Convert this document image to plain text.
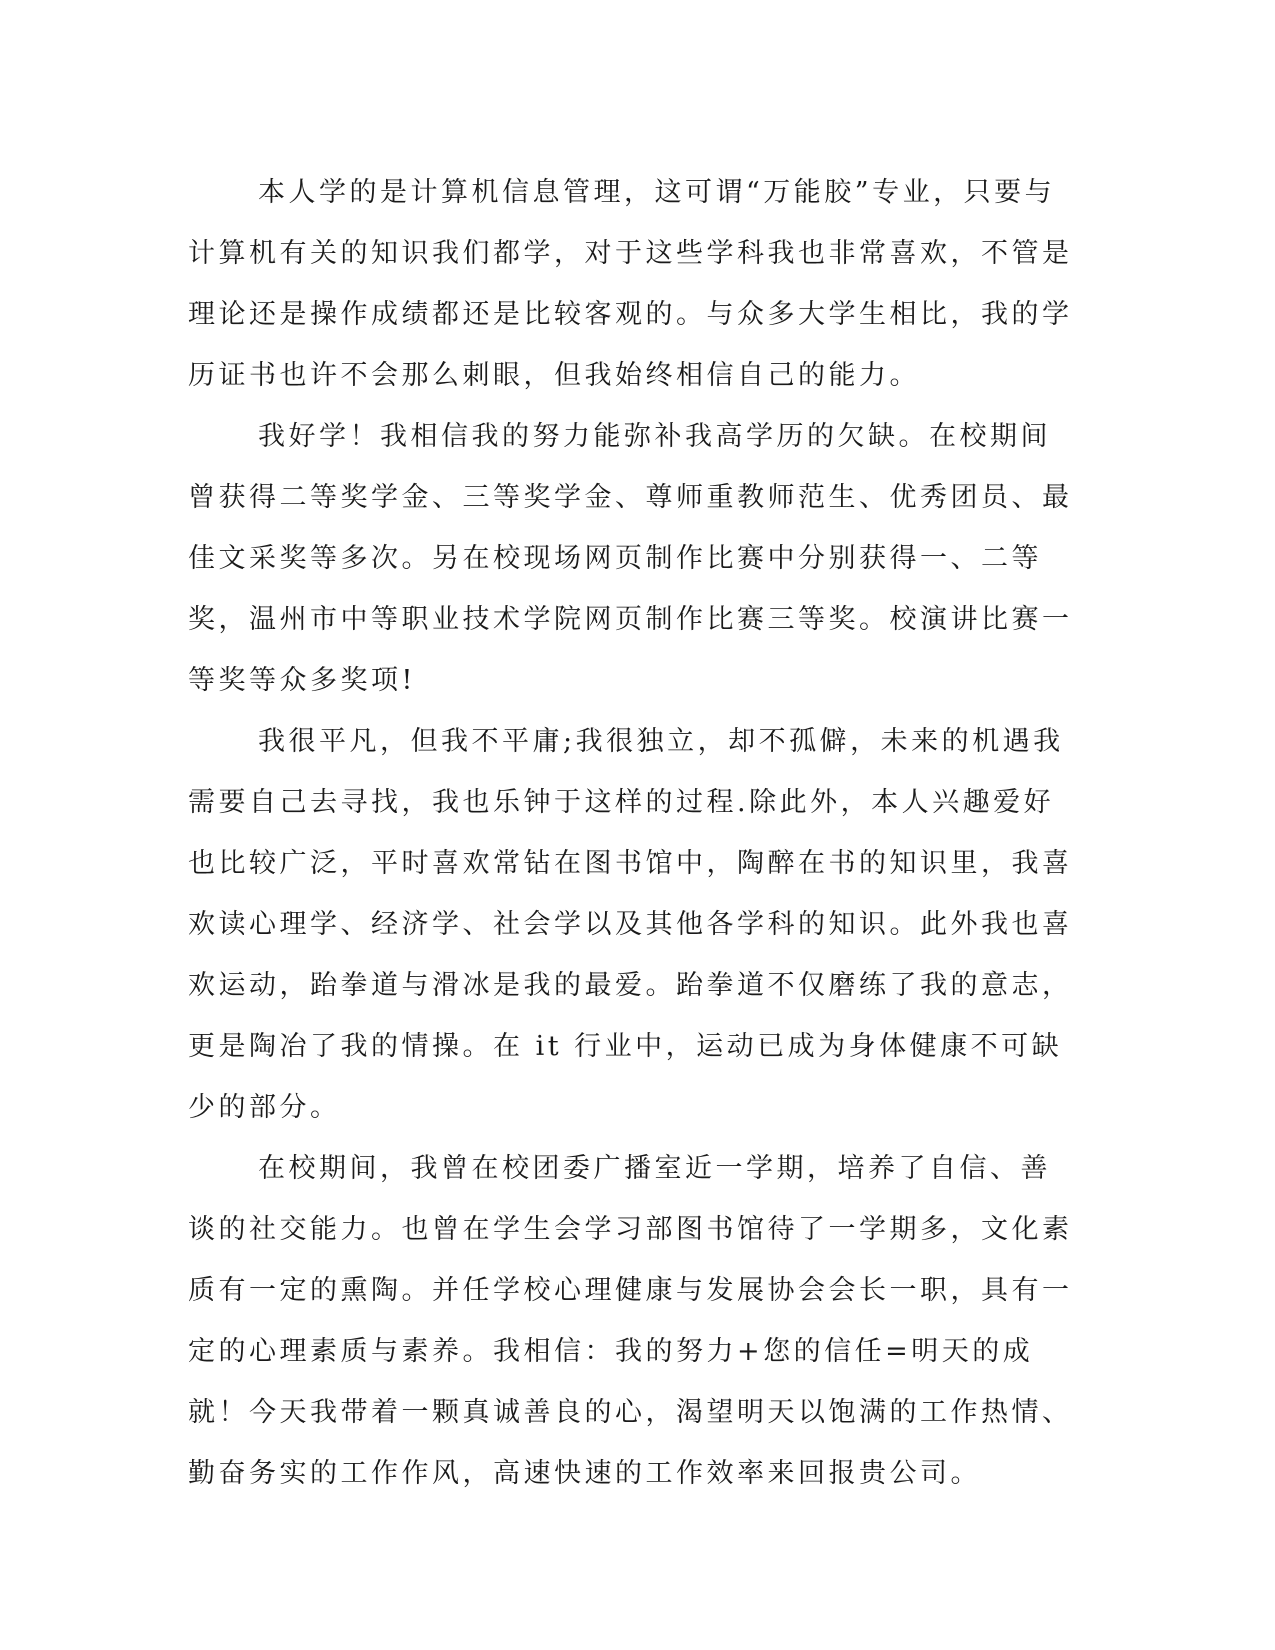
本人学的是计算机信息管理，这可谓“万能胶”专业，只要与计算机有关的知识我们都学，对于这些学科我也非常喜欢，不管是理论还是操作成绩都还是比较客观的。与众多大学生相比，我的学历证书也许不会那么刺眼，但我始终相信自己的能力。

我好学！我相信我的努力能弥补我高学历的欠缺。在校期间曾获得二等奖学金、三等奖学金、尊师重教师范生、优秀团员、最佳文采奖等多次。另在校现场网页制作比赛中分别获得一、二等奖，温州市中等职业技术学院网页制作比赛三等奖。校演讲比赛一等奖等众多奖项!

我很平凡，但我不平庸;我很独立，却不孤僻，未来的机遇我需要自己去寻找，我也乐钟于这样的过程.除此外，本人兴趣爱好也比较广泛，平时喜欢常钻在图书馆中，陶醉在书的知识里，我喜欢读心理学、经济学、社会学以及其他各学科的知识。此外我也喜欢运动，跆拳道与滑冰是我的最爱。跆拳道不仅磨练了我的意志，更是陶冶了我的情操。在 it 行业中，运动已成为身体健康不可缺少的部分。

在校期间，我曾在校团委广播室近一学期，培养了自信、善谈的社交能力。也曾在学生会学习部图书馆待了一学期多，文化素质有一定的熏陶。并任学校心理健康与发展协会会长一职，具有一定的心理素质与素养。我相信：我的努力+您的信任=明天的成就！今天我带着一颗真诚善良的心，渴望明天以饱满的工作热情、勤奋务实的工作作风，高速快速的工作效率来回报贵公司。
